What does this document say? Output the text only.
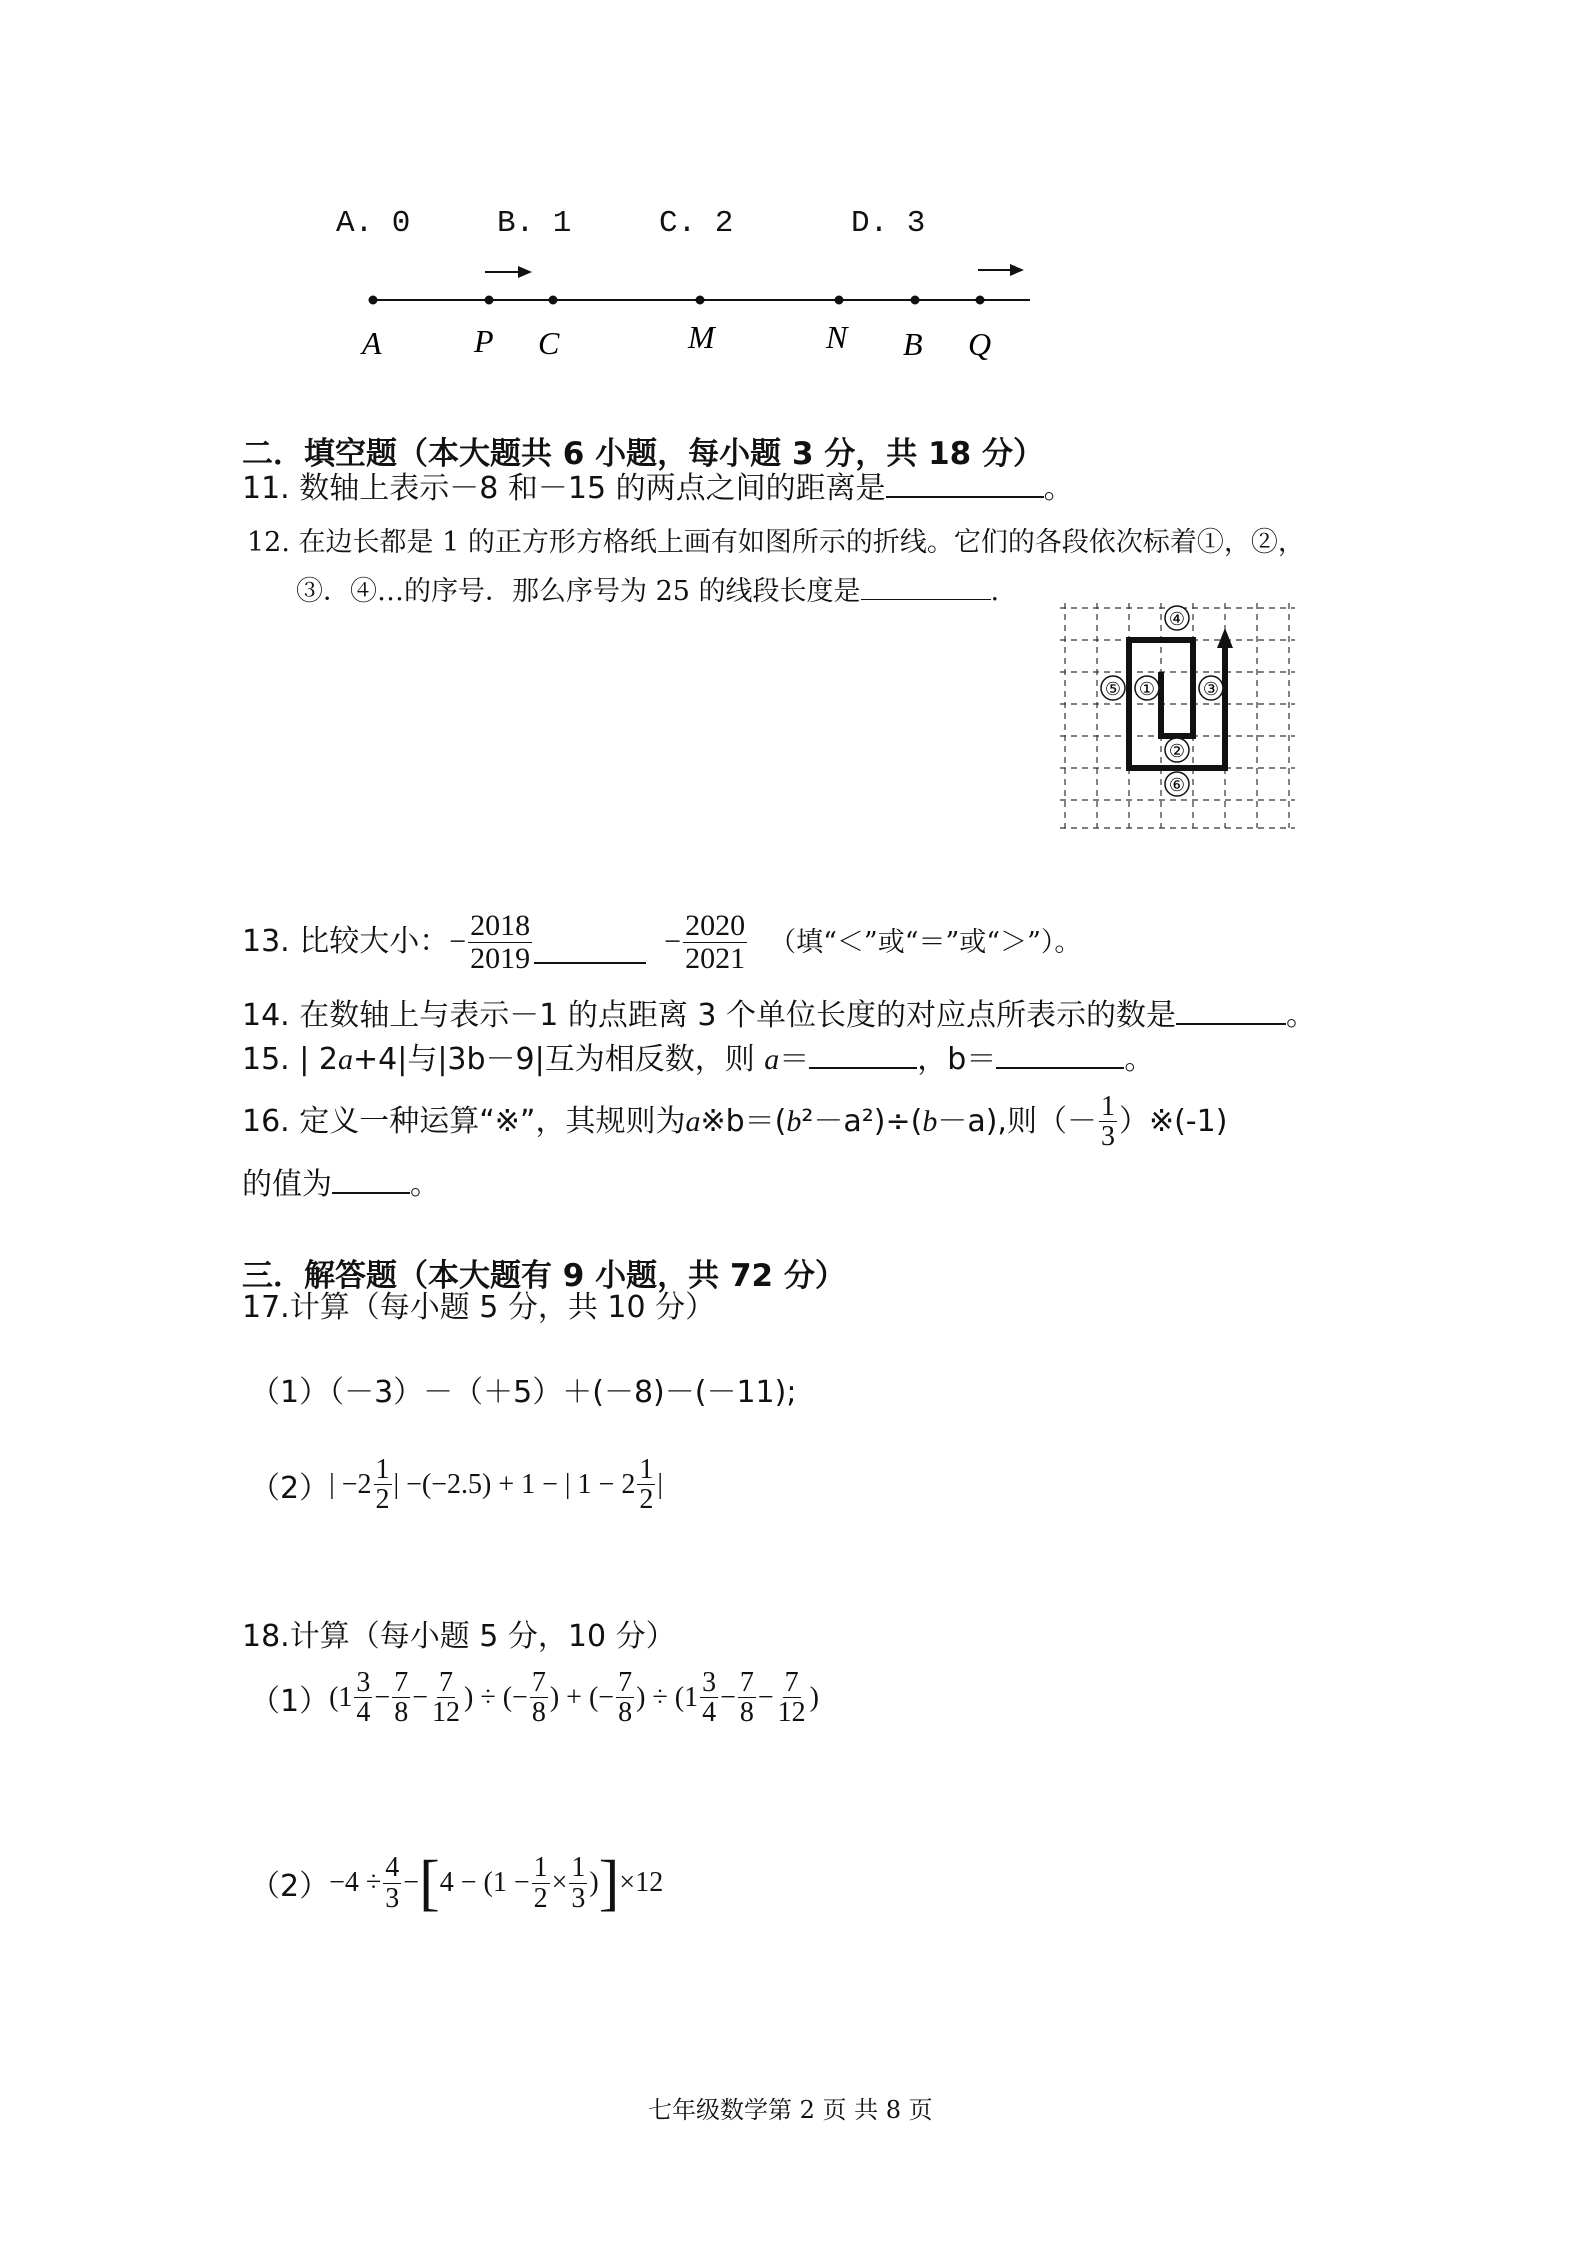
A. 0	B. 1	C. 2	D. 3
A	P C	M	N B Q
二．填空题（本大题共 6 小题，每小题 3 分，共 18 分）
11. 数轴上表示－8 和－15 的两点之间的距离是	。
12. 在边长都是 1 的正方形方格纸上画有如图所示的折线。它们的各段依次标着①，②，
③．④…的序号．那么序号为 25 的线段长度是	.
④
⑤ ①	③
②
⑥
13. 比较大小： − $\frac{2018}{2019}$	− $\frac{2020}{2021}$ （填“＜”或“＝”或“＞”）。
14. 在数轴上与表示－1 的点距离 3 个单位长度的对应点所表示的数是	。
15. | 2a+4|与|3b－9|互为相反数，则 a＝	，b＝	。
16. 定义一种运算“※”，其规则为 a ※b＝( b ²－a²)÷( b －a),则（－ $\frac{1}{3}$ ）※(-1)
的值为	。
三．解答题（本大题有 9 小题，共 72 分）
17.计算（每小题 5 分，共 10 分）
（1）（－3）－（＋5）＋(－8)－(－11);
（2） | $-2 \frac{1}{2}$ | −(−2.5) + 1 − | $1 - 2 \frac{1}{2}$ |
18.计算（每小题 5 分，10 分）
（1） ($1 \frac{3}{4} - \frac{7}{8} - \frac{7}{12}$ ) ÷ (− $\frac{7}{8}$ ) + (− $\frac{7}{8}$ ) ÷ ($1 \frac{3}{4} - \frac{7}{8} - \frac{7}{12}$ )
$(2) -4 \div \frac{4}{3}$ − [ $4 - (1 - \frac{1}{2} \times \frac{1}{3}$ ) ] ×12
七年级数学第 2 页 共 8 页
